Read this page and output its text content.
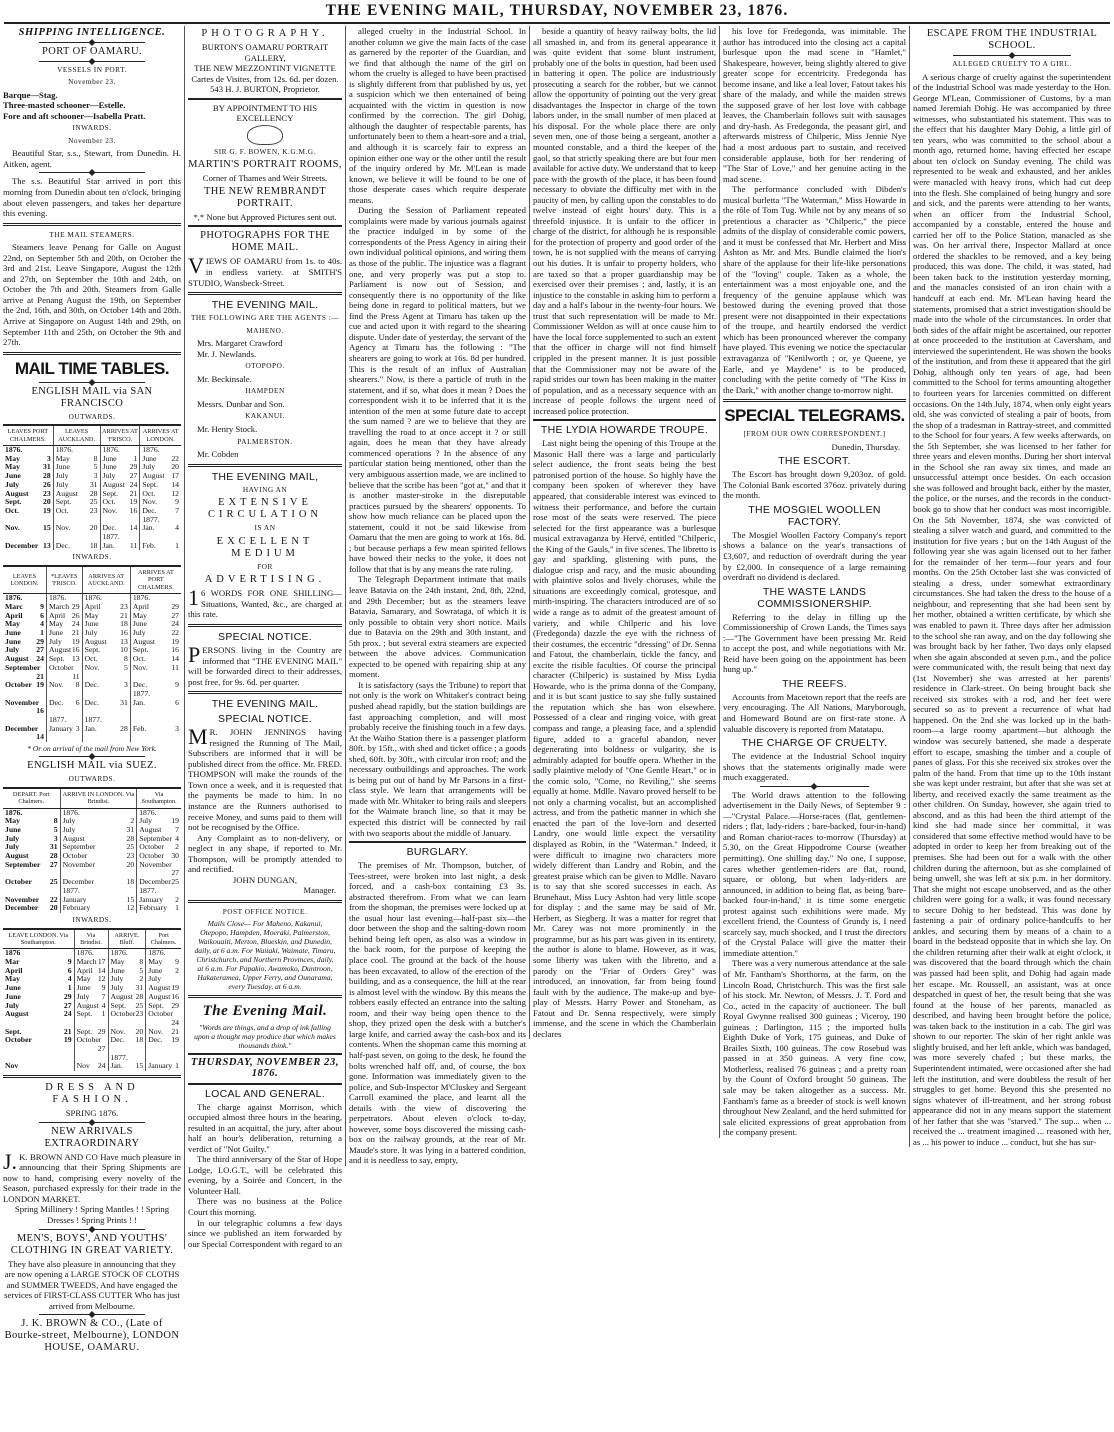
THE EVENING MAIL, THURSDAY, NOVEMBER 23, 1876.

SHIPPING INTELLIGENCE.

PORT OF OAMARU.

VESSELS IN PORT.

November 23.

Barque—Stag.

Three-masted schooner—Estelle.

Fore and aft schooner—Isabella Pratt.

INWARDS.

November 23.

Beautiful Star, s.s., Stewart, from Dunedin. H. Aitken, agent.

The s.s. Beautiful Star arrived in port this morning from Dunedin about ten o'clock, bringing about eleven passengers, and takes her departure this evening.

THE MAIL STEAMERS.

Steamers leave Penang for Galle on August 22nd, on September 5th and 20th, on October the 3rd and 21st. Leave Singapore, August the 12th and 27th, on September the 10th and 24th, on October the 7th and 20th. Steamers from Galle arrive at Penang August the 19th, on September the 2nd, 16th, and 30th, on October 14th and 28th. Arrive at Singapore on August 14th and 29th, on September 11th and 25th, on October the 9th and 27th.

MAIL TIME TABLES.

ENGLISH MAIL via SAN FRANCISCO

OUTWARDS.

LEAVES PORT CHALMERS.	LEAVES AUCKLAND.	ARRIVES AT 'FRISCO.	ARRIVES AT LONDON.
1876.	1876.	1876.	1876.
May 3	May 8	June 1	June 22

May 31	June 5	June 29	July 20

June 28	July 3	July 27	August 17

July 26	July 31	August 24	Sept. 14

August 23	August 28	Sept. 21	Oct. 12

Sept. 20	Sept. 25	Oct. 19	Nov. 9

Oct. 19	Oct. 23	Nov. 16	Dec. 7

			1877.
Nov. 15	Nov. 20	Dec. 14	Jan. 4

		1877.	
December 13	Dec. 18	Jan. 11	Feb. 1

INWARDS.

LEAVES LONDON.	*LEAVES 'FRISCO.	ARRIVES AT AUCKLAND.	ARRIVES AT PORT CHALMERS.
1876.	1876.	1876.	1876.
Marc 9	March 29	April 23	April 29

April 6	April 26	May 21	May 27

May 4	May 24	June 18	June 24

June 1	June 21	July 16	July 22

June 29	July 19	August 13	August 19

July 27	August 16	Sept. 10	Sept. 16

August 24	Sept. 13	Oct. 8	Oct. 14

September
21	October
11	Nov. 5	Nov. 11

October 19	Nov. 8	Dec. 3	Dec. 9

			1877.
November
16	Dec. 6	Dec. 31	Jan. 6

	1877.	1877.	
December
14	January 3	Jan. 28	Feb. 3

* Or on arrival of the mail from New York.

ENGLISH MAIL via SUEZ.

OUTWARDS.

DEPART. Port Chalmers.	ARRIVE IN LONDON. Via Brindisi.	Via Southampton.
1876.	1876.	1876.
May 8	July 2	July 19

June 5	July 31	August 7

July 3	August 28	September 4

July 31	September 25	October 2

August 28	October 23	October 30

September 27	November 20	November
27

October 25	December 18	December 25

	1877.	1877.
November 22	January 15	January 2

December 20	February 12	February 1

INWARDS.

LEAVE LONDON. Via Southampton.	Via Brindisi.	ARRIVE. Bluff.	Port Chalmers.
1876	1876.	1876.	1876.
Mar 9	March 17	May 8	May 9

April 6	April 14	June 5	June 2

May 4	May 12	July 2	July
June 1	June 9	July 31	August 19

June 29	July 7	August 28	August 16

July 27	August 4	Sept. 25	Sept. 29

August 24	Sept. 1	October 23	October
24

Sept. 21	Sept. 29	Nov. 20	Nov. 21

October 19	October
27	Dec. 18	Dec. 19

		1877.	
Nov	Nov 24	Jan. 15	January 1

DRESS AND FASHION.

SPRING 1876.

NEW ARRIVALS EXTRAORDINARY

J.K. BROWN AND CO Have much pleasure in announcing that their Spring Shipments are now to hand, comprising every novelty of the Season, purchased expressly for their trade in the LONDON MARKET.

Spring Millinery ! Spring Mantles ! ! Spring Dresses ! Spring Prints ! !

MEN'S, BOYS', AND YOUTHS' CLOTHING IN GREAT VARIETY.

They have also pleasure in announcing that they are now opening a LARGE STOCK OF CLOTHS and SUMMER TWEEDS, And have engaged the services of FIRST-CLASS CUTTER Who has just arrived from Melbourne.

J. K. BROWN & CO., (Late of Bourke-street, Melbourne), LONDON HOUSE, OAMARU.

PHOTOGRAPHY.

BURTON'S OAMARU PORTRAIT GALLERY,

THE NEW MEZZONTINT VIGNETTE

Cartes de Visites, from 12s. 6d. per dozen.

543 H. J. BURTON, Proprietor.

BY APPOINTMENT TO HIS EXCELLENCY

SIR G. F. BOWEN, K.G.M.G.

MARTIN'S PORTRAIT ROOMS,

Corner of Thames and Weir Streets.

THE NEW REMBRANDT PORTRAIT.

*,* None but Approved Pictures sent out.

PHOTOGRAPHS FOR THE HOME MAIL.

VIEWS OF OAMARU from 1s. to 40s. in endless variety. at SMITH'S STUDIO, Wansbeck-Street.

THE EVENING MAIL.

THE FOLLOWING ARE THE AGENTS :—

MAHENO.

Mrs. Margaret Crawford

Mr. J. Newlands.

OTOPOPO.

Mr. Beckinsale.

HAMPDEN

Messrs. Dunbar and Son.

KAKANUI.

Mr. Henry Stock.

PALMERSTON.

Mr. Cobden

THE EVENING MAIL,

HAVING AN

EXTENSIVE CIRCULATION

IS AN

EXCELLENT MEDIUM

FOR

ADVERTISING.

16 WORDS FOR ONE SHILLING—Situations, Wanted, &c., are charged at this rate.

SPECIAL NOTICE.

PERSONS living in the Country are informed that "THE EVENING MAIL" will be forwarded direct to their addresses, post free, for 9s. 6d. per quarter.

THE EVENING MAIL.

SPECIAL NOTICE.

MR. JOHN JENNINGS having resigned the Running of The Mail, Subscribers are informed that it will be published direct from the office. Mr. FRED. THOMPSON will make the rounds of the Town once a week, and it is requested that the payments be made to him. In no instance are the Runners authorised to receive Money, and sums paid to them will not be recognised by the Office.

Any Complaint as to non-delivery, or neglect in any shape, if reported to Mr. Thompson, will be promptly attended to and rectified.

JOHN DUNGAN,

Manager.

POST OFFICE NOTICE.

Mails Close— For Maheno, Kakanui, Otepopo, Hampden, Moeraki, Palmerston, Waikouaiti, Merton, Blueskin, and Dunedin, daily, at 6 a.m. For Waitaki, Waimate, Timaru, Christchurch, and Northern Provinces, daily, at 6 a.m. For Papakio, Awamoko, Duntroon, Hakateramea, Upper Ferry, and Ounarama, every Tuesday, at 6 a.m.

The Evening Mail.

"Words are things, and a drop of ink falling upon a thought may produce that which makes thousands think."

THURSDAY, NOVEMBER 23, 1876.

LOCAL AND GENERAL.

The charge against Morrison, which occupied almost three hours in the hearing, resulted in an acquittal, the jury, after about half an hour's deliberation, returning a verdict of "Not Guilty."

The third anniversary of the Star of Hope Lodge, I.O.G.T., will be celebrated this evening, by a Soirée and Concert, in the Volunteer Hall.

There was no business at the Police Court this morning.

In our telegraphic columns a few days since we published an item forwarded by our Special Correspondent with regard to an

alleged cruelty in the Industrial School. In another column we give the main facts of the case as garnered by the reporter of the Guardian, and we find that although the name of the girl on whom the cruelty is alleged to have been practised is slightly different from that published by us, yet a suspicion which we then entertained of being acquainted with the victim in question is now confirmed by the correction. The girl Dohig, although the daughter of respectable parents, has unfortunately been to them a heart-sore and a trial, and although it is scarcely fair to express an opinion either one way or the other until the result of the inquiry ordered by Mr. M'Lean is made known, we believe it will be found to be one of those desperate cases which require desperate means.

During the Session of Parliament repeated complaints were made by various journals against the practice indulged in by some of the correspondents of the Press Agency in airing their own individual political opinions, and wiring them as those of the public. The injustice was a flagrant one, and very properly was put a stop to. Parliament is now out of Session, and consequently there is no opportunity of the like being done in regard to political matters, but we find the Press Agent at Timaru has taken up the cue and acted upon it with regard to the shearing dispute. Under date of yesterday, the servant of the Agency at Timaru has the following : "The shearers are going to work at 16s. 8d per hundred. This is the result of an influx of Australian shearers." Now, is there a particle of truth in the statement, and if so, what does it mean ? Does the correspondent wish it to be inferred that it is the intention of the men at some future date to accept the sum named ? are we to believe that they are travelling the road to at once accept it ? or still again, does he mean that they have already commenced operations ? In the absence of any particular station being mentioned, other than the very ambiguous assertion made, we are inclined to believe that the scribe has been "got at," and that it is another master-stroke in the disreputable practices pursued by the shearers' opponents. To show how much reliance can be placed upon the statement, could it not be said likewise from Oamaru that the men are going to work at 16s. 8d. ; but because perhaps a few mean spirited fellows have bowed their necks to the yoke, it does not follow that that is by any means the rate ruling.

The Telegraph Department intimate that mails leave Batavia on the 24th instant, 2nd, 8th, 22nd, and 29th December; but as the steamers leave Batavia, Samarary, and Sowrataga, of which it is only possible to obtain very short notice. Mails due to Batavia on the 29th and 30th instant, and 5th prox. ; but several extra steamers are expected between the above advices. Communication expected to be opened with repairing ship at any moment.

It is satisfactory (says the Tribune) to report that not only is the work on Whitaker's contract being pushed ahead rapidly, but the station buildings are fast approaching completion, and will most probably receive the finishing touch in a few days. At the Waiho Station there is a passenger platform 80ft. by 15ft., with shed and ticket office ; a goods shed, 60ft. by 30ft., with circular iron roof; and the necessary outbuildings and approaches. The work is being put out of hand by Mr Parsons in a first-class style. We learn that arrangements will be made with Mr. Whitaker to bring rails and sleepers for the Waimate branch line, so that it may be expected this district will be connected by rail with two seaports about the middle of January.

BURGLARY.

The premises of Mr. Thompson, butcher, of Tees-street, were broken into last night, a desk forced, and a cash-box containing £3 3s. abstracted therefrom. From what we can learn from the shopman, the premises were locked up at the usual hour last evening—half-past six—the door between the shop and the salting-down room behind being left open, as also was a window in the back room, for the purpose of keeping the place cool. The ground at the back of the house has been excavated, to allow of the erection of the building, and as a consequence, the hill at the rear is almost level with the window. By this means the robbers easily effected an entrance into the salting room, and their way being open thence to the shop, they prized open the desk with a butcher's large knife, and carried away the cash-box and its contents. When the shopman came this morning at half-past seven, on going to the desk, he found the bolts wrenched half off, and, of course, the box gone. Information was immediately given to the police, and Sub-Inspector M'Cluskey and Sergeant Carroll examined the place, and learnt all the details with the view of discovering the perpetrators. About eleven o'clock to-day, however, some boys discovered the missing cash-box on the railway grounds, at the rear of Mr. Maude's store. It was lying in a battered condition, and it is needless to say, empty,

beside a quantity of heavy railway bolts, the lid all smashed in, and from its general appearance it was quite evident that some blunt instrument, probably one of the bolts in question, had been used in battering it open. The police are industriously prosecuting a search for the robber, but we cannot allow the opportunity of pointing out the very great disadvantages the Inspector in charge of the town labors under, in the small number of men placed at his disposal. For the whole place there are only seven men, one of those being a sergeant, another a mounted constable, and a third the keeper of the gaol, so that strictly speaking there are but four men available for active duty. We understand that to keep pace with the growth of the place, it has been found necessary to obviate the difficulty met with in the paucity of men, by calling upon the constables to do twelve instead of eight hours' duty. This is a threefold injustice. It is unfair to the officer in charge of the district, for although he is responsible for the protection of property and good order of the town, he is not supplied with the means of carrying out his duties. It is unfair to property holders, who are taxed so that a proper guardianship may be exercised over their premises ; and, lastly, it is an injustice to the constable in asking him to perform a day and a half's labour in the twenty-four hours. We trust that such representation will be made to Mr. Commissioner Weldon as will at once cause him to have the local force supplemented to such an extent that the officer in charge will not find himself crippled in the present manner. It is just possible that the Commissioner may not be aware of the rapid strides our town has been making in the matter of population, and as a necessary sequence with an increase of people follows the urgent need of increased police protection.

THE LYDIA HOWARDE TROUPE.

Last night being the opening of this Troupe at the Masonic Hall there was a large and particularly select audience, the front seats being the best patronised portion of the house. So highly have the company been spoken of wherever they have appeared, that considerable interest was evinced to witness their performance, and before the curtain rose most of the seats were reserved. The piece selected for the first appearance was a burlesque musical extravaganza by Hervé, entitled "Chilperic, the King of the Gauls," in five scenes. The libretto is gay and sparkling, glistening with puns, the dialogue crisp and racy, and the music abounding with plaintive solos and lively choruses, while the situations are exceedingly comical, grotesque, and mirth-inspiring. The characters introduced are of so wide a range as to admit of the greatest amount of variety, and while Chilperic and his love (Fredegonda) dazzle the eye with the richness of their costumes, the eccentric "dressing" of Dr. Senna and Fatout, the chamberlain, tickle the fancy, and excite the risible faculties. Of course the principal character (Chilperic) is sustained by Miss Lydia Howarde, who is the prima donna of the Company, and it is but scant justice to say she fully sustained the reputation which she has won elsewhere. Possessed of a clear and ringing voice, with great compass and range, a pleasing face, and a splendid figure, added to a graceful abandon, never degenerating into boldness or vulgarity, she is admirably adapted for bouffe opera. Whether in the sadly plaintive melody of "One Gentle Heart," or in the comic solo, "Come, no Reviling," she seems equally at home. Mdlle. Navaro proved herself to be not only a charming vocalist, but an accomplished actress, and from the pathetic manner in which she enacted the part of the love-lorn and deserted Landry, one would little expect the versatility displayed as Robin, in the "Waterman." Indeed, it were difficult to imagine two characters more widely different than Landry and Robin, and the greatest praise which can be given to Mdlle. Navaro is to say that she scored successes in each. As Brunehaut, Miss Lucy Ashton had very little scope for display ; and the same may be said of Mr. Herbert, as Siegberg. It was a matter for regret that Mr. Carey was not more prominently in the programme, but as his part was given in its entirety, the author is alone to blame. However, as it was, some liberty was taken with the libretto, and a parody on the "Friar of Orders Grey" was introduced, an innovation, far from being found fault with by the audience. The make-up and bye-play of Messrs. Harry Power and Stoneham, as Fatout and Dr. Senna respectively, were simply immense, and the scene in which the Chamberlain declares

his love for Fredegonda, was inimitable. The author has introduced into the closing act a capital burlesque upon the mad scene in "Hamlet," Shakespeare, however, being slightly altered to give greater scope for eccentricity. Fredegonda has become insane, and like a leal lover, Fatout takes his share of the malady, and while the maiden strews the supposed grave of her lost love with cabbage leaves, the Chamberlain follows suit with sausages and dry-hash. As Fredegonda, the peasant girl, and afterwards mistress of Chilperic, Miss Jennie Nye had a most arduous part to sustain, and received considerable applause, both for her rendering of "The Star of Love," and her genuine acting in the mad scene.

The performance concluded with Dibden's musical burletta "The Waterman," Miss Howarde in the rôle of Tom Tug. While not by any means of so pretentious a character as "Chilperic," the piece admits of the display of considerable comic powers, and it must be confessed that Mr. Herbert and Miss Ashton as Mr. and Mrs. Bundle claimed the lion's share of the applause for their life-like personations of the "loving" couple. Taken as a whole, the entertainment was a most enjoyable one, and the frequency of the genuine applause which was bestowed during the evening proved that those present were not disappointed in their expectations of the troupe, and heartily endorsed the verdict which has been pronounced wherever the company have played. This evening we notice the spectacular extravaganza of "Kenilworth ; or, ye Queene, ye Earle, and ye Maydene" is to be produced, concluding with the petite comedy of "The Kiss in the Dark," with another change to-morrow night.

SPECIAL TELEGRAMS.

[FROM OUR OWN CORRESPONDENT.]

Dunedin, Thursday.

THE ESCORT.

The Escort has brought down 9,203oz. of gold. The Colonial Bank escorted 376oz. privately during the month.

THE MOSGIEL WOOLLEN FACTORY.

The Mosgiel Woollen Factory Company's report shows a balance on the year's transactions of £3,607, and reduction of overdraft during the year by £2,000. In consequence of a large remaining overdraft no dividend is declared.

THE WASTE LANDS COMMISSIONERSHIP.

Referring to the delay in filling up the Commissionership of Crown Lands, the Times says :—"The Government have been pressing Mr. Reid to accept the post, and while negotiations with Mr. Reid have been going on the appointment has been hung up."

THE REEFS.

Accounts from Macetown report that the reefs are very encouraging. The All Nations, Maryborough, and Homeward Bound are on first-rate stone. A valuable discovery is reported from Matatapu.

THE CHARGE OF CRUELTY.

The evidence at the Industrial School inquiry shows that the statements originally made were much exaggerated.

The World draws attention to the following advertisement in the Daily News, of September 9 :—"Crystal Palace.—Horse-races (flat, gentlemen-riders ; flat, lady-riders ; bare-backed, four-in-hand) and Roman chariot-races to-morrow (Thursday) at 5.30, on the Great Hippodrome Course (weather permitting). One shilling day." No one, I suppose, cares whether gentlemen-riders are flat, round, square, or oblong, but when lady-riders are announced, in addition to being flat, as being 'bare-backed four-in-hand,' it is time some energetic protest against such exhibitions were made. My excellent friend, the Countess of Grundy is, I need scarcely say, much shocked, and I trust the directors of the Crystal Palace will give the matter their immediate attention."

There was a very numerous attendance at the sale of Mr. Fantham's Shorthorns, at the farm, on the Lincoln Road, Christchurch. This was the first sale of his stock. Mr. Newton, of Messrs. J. T. Ford and Co., acted in the capacity of auctioneer. The bull Royal Gwynne realised 300 guineas ; Viceroy, 190 guineas ; Darlington, 115 ; the imported bulls Eighth Duke of York, 175 guineas, and Duke of Brailes Sixth, 100 guineas. The cow Rosebud was passed in at 350 guineas. A very fine cow, Motherless, realised 76 guineas ; and a pretty roan by the Count of Oxford brought 50 guineas. The sale may be taken altogether as a success. Mr. Fantham's fame as a breeder of stock is well known throughout New Zealand, and the herd submitted for sale elicited expressions of great approbation from the company present.

ESCAPE FROM THE INDUSTRIAL SCHOOL.

ALLEGED CRUELTY TO A GIRL.

A serious charge of cruelty against the superintendent of the Industrial School was made yesterday to the Hon. George M'Lean, Commissioner of Customs, by a man named Jeremiah Dohig. He was accompanied by three witnesses, who substantiated his statement. This was to the effect that his daughter Mary Dohig, a little girl of ten years, who was committed to the school about a month ago, returned home, having effected her escape about ten o'clock on Sunday evening. The child was represented to be weak and exhausted, and her ankles were manacled with heavy irons, which had cut deep into the flesh. She complained of being hungry and sore and sick, and the parents were attending to her wants, when an officer from the Industrial School, accompanied by a constable, entered the house and carried her off to the Police Station, manacled as she was. On her arrival there, Inspector Mallard at once ordered the shackles to be removed, and a key being produced, this was done. The child, it was stated, had been taken back to the institution yesterday morning, and the manacles consisted of an iron chain with a handcuff at each end. Mr. M'Lean having heard the statements, promised that a strict investigation should be made into the whole of the circumstances. In order that both sides of the affair might be ascertained, our reporter at once proceeded to the institution at Caversham, and interviewed the superintendent. He was shown the books of the institution, and from these it appeared that the girl Dohig, although only ten years of age, had been committed to the School for terms amounting altogether to fourteen years for larcenies committed on different occasions. On the 14th July, 1874, when only eight years old, she was convicted of stealing a pair of boots, from the shop of a tradesman in Rattray-street, and committed to the School for four years. A few weeks afterwards, on the 5th September, she was licensed to her father for three years and eleven months. During her short interval in the School she ran away six times, and made an unsuccessful attempt once besides. On each occasion she was followed and brought back, either by the master, the police, or the nurses, and the records in the conduct-book go to show that her conduct was most incorrigible. On the 5th November, 1874, she was convicted of stealing a silver watch and guard, and committed to the institution for five years ; but on the 14th August of the following year she was again licensed out to her father for the remainder of her term—four years and four months. On the 25th October last she was convicted of stealing a dress, under somewhat extraordinary circumstances. She had taken the dress to the house of a neighbour, and representing that she had been sent by her mother, obtained a written certificate, by which she was enabled to pawn it. Three days after her admission to the school she ran away, and on the day following she was brought back by her father. Two days only elapsed when she again absconded at seven p.m., and the police were communicated with, the result being that next day (1st November) she was arrested at her parents' residence in Clark-street. On being brought back she received six strokes with a rod, and her feet were secured so as to prevent a recurrence of what had happened. On the 2nd she was locked up in the bath-room—a large roomy apartment—but although the window was securely battened, she made a desperate effort to escape, smashing the timber and a couple of panes of glass. For this she received six strokes over the palm of the hand. From that time up to the 10th instant she was kept under restraint, but after that she was set at liberty, and received exactly the same treatment as the other children. On Sunday, however, she again tried to abscond, and as this had been the third attempt of the kind she had made since her committal, it was considered that some effective method would have to be adopted in order to keep her from breaking out of the premises. She had been out for a walk with the other children during the afternoon, but as she complained of being unwell, she was left at six p.m. in her dormitory. That she might not escape unobserved, and as the other children were going for a walk, it was found necessary to secure Dohig to her bedstead. This was done by fastening a pair of ordinary police-handcuffs to her ankles, and securing them by means of a chain to a board in the bedstead opposite that in which she lay. On the children returning after their walk at eight o'clock, it was discovered that the board through which the chain was passed had been split, and Dohig had again made her escape. Mr. Roussell, an assistant, was at once despatched in quest of her, the result being that she was found at the house of her parents, manacled as described, and having been brought before the police, was taken back to the institution in a cab. The girl was shown to our reporter. The skin of her right ankle was slightly bruised, and her left ankle, which was bandaged, was more severely chafed ; but these marks, the Superintendent intimated, were occasioned after she had left the institution, and were doubtless the result of her struggles to get home. Beyond this she presented no signs whatever of ill-treatment, and her strong robust appearance did not in any means support the statement of her father that she was "starved." The sup... when ... received the ... treatment imagined ... reasoned with her, as ... his power to induce ... conduct, but she has sur-
